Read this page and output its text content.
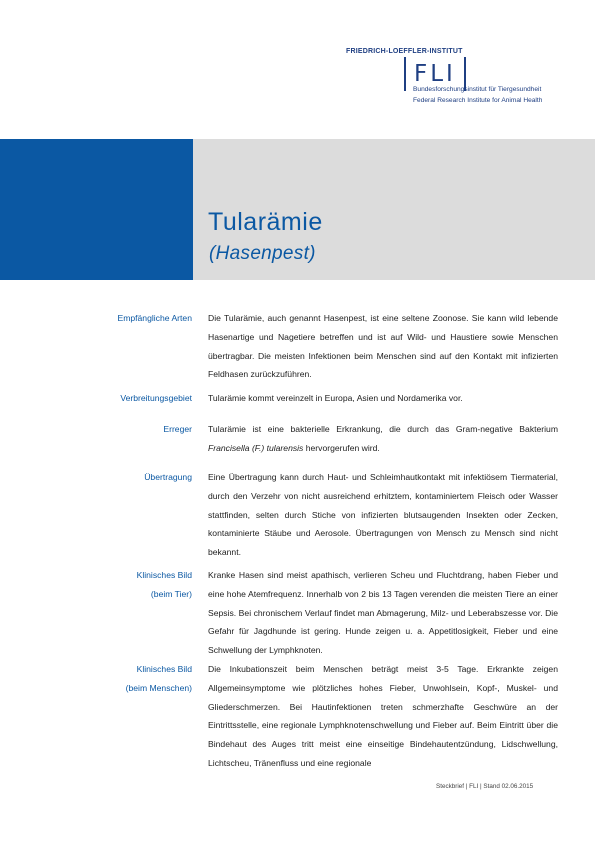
FRIEDRICH-LOEFFLER-INSTITUT
FLI
Bundesforschungsinstitut für Tiergesundheit
Federal Research Institute for Animal Health
Tularämie
(Hasenpest)
Empfängliche Arten Die Tularämie, auch genannt Hasenpest, ist eine seltene Zoonose. Sie kann wild lebende Hasenartige und Nagetiere betreffen und ist auf Wild- und Haustiere sowie Menschen übertragbar. Die meisten Infektionen beim Menschen sind auf den Kontakt mit infizierten Feldhasen zurückzuführen.
Verbreitungsgebiet Tularämie kommt vereinzelt in Europa, Asien und Nordamerika vor.
Erreger Tularämie ist eine bakterielle Erkrankung, die durch das Gram-negative Bakterium Francisella (F.) tularensis hervorgerufen wird.
Übertragung Eine Übertragung kann durch Haut- und Schleimhautkontakt mit infektiösem Tiermaterial, durch den Verzehr von nicht ausreichend erhitztem, kontaminiertem Fleisch oder Wasser stattfinden, selten durch Stiche von infizierten blutsaugenden Insekten oder Zecken, kontaminierte Stäube und Aerosole. Übertragungen von Mensch zu Mensch sind nicht bekannt.
Klinisches Bild
(beim Tier)
Kranke Hasen sind meist apathisch, verlieren Scheu und Fluchtdrang, haben Fieber und eine hohe Atemfrequenz. Innerhalb von 2 bis 13 Tagen verenden die meisten Tiere an einer Sepsis. Bei chronischem Verlauf findet man Abmagerung, Milz- und Leberabszesse vor. Die Gefahr für Jagdhunde ist gering. Hunde zeigen u. a. Appetitlosigkeit, Fieber und eine Schwellung der Lymphknoten.
Klinisches Bild
(beim Menschen)
Die Inkubationszeit beim Menschen beträgt meist 3-5 Tage. Erkrankte zeigen Allgemeinsymptome wie plötzliches hohes Fieber, Unwohlsein, Kopf-, Muskel- und Gliederschmerzen. Bei Hautinfektionen treten schmerzhafte Geschwüre an der Eintrittsstelle, eine regionale Lymphknotenschwellung und Fieber auf. Beim Eintritt über die Bindehaut des Auges tritt meist eine einseitige Bindehautentzündung, Lidschwellung, Lichtscheu, Tränenfluss und eine regionale
Steckbrief | FLI | Stand 02.06.2015
